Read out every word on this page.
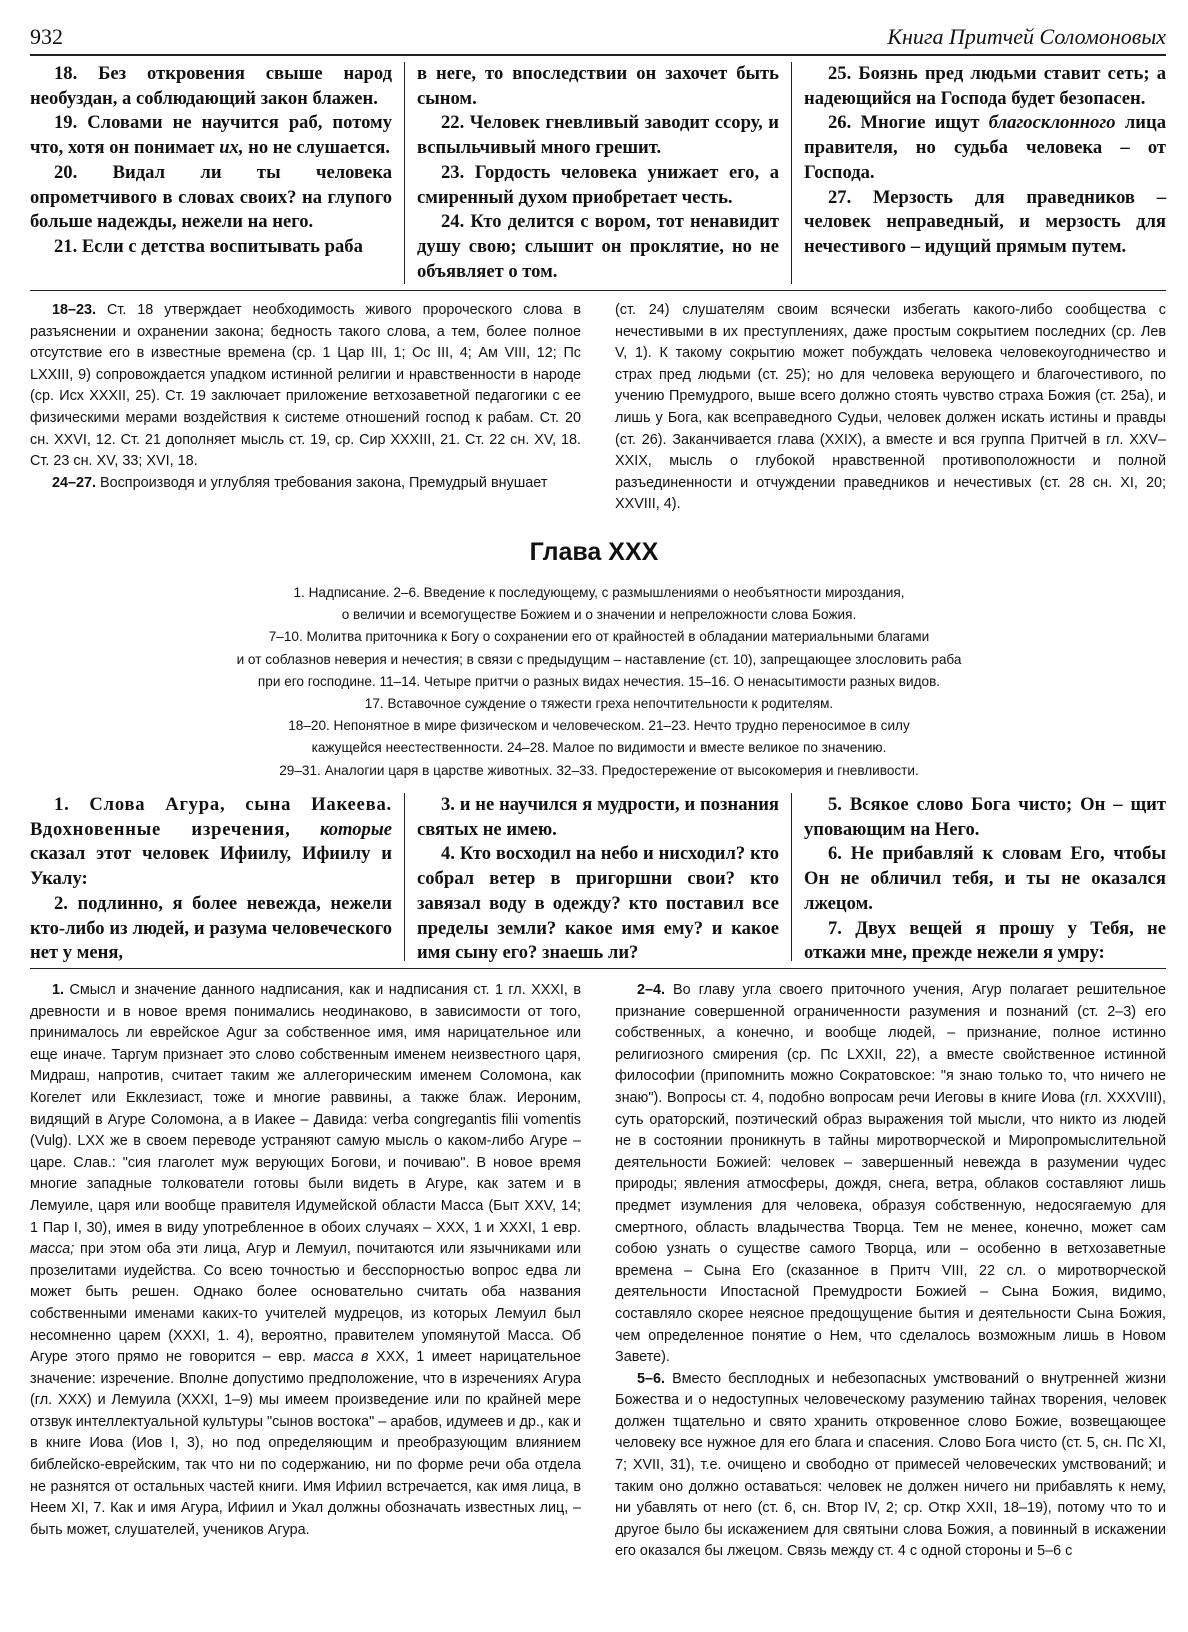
932	Книга Притчей Соломоновых

18. Без откровения свыше народ необуздан, а соблюдающий закон блажен.

19. Словами не научится раб, потому что, хотя он понимает их, но не слушается.

20. Видал ли ты человека опрометчивого в словах своих? на глупого больше надежды, нежели на него.

21. Если с детства воспитывать раба

в неге, то впоследствии он захочет быть сыном.

22. Человек гневливый заводит ссору, и вспыльчивый много грешит.

23. Гордость человека унижает его, а смиренный духом приобретает честь.

24. Кто делится с вором, тот ненавидит душу свою; слышит он проклятие, но не объявляет о том.

25. Боязнь пред людьми ставит сеть; а надеющийся на Господа будет безопасен.

26. Многие ищут благосклонного лица правителя, но судьба человека – от Господа.

27. Мерзость для праведников – человек неправедный, и мерзость для нечестивого – идущий прямым путем.

18–23. Ст. 18 утверждает необходимость живого пророческого слова в разъяснении и охранении закона; бедность такого слова, а тем, более полное отсутствие его в известные времена (ср. 1 Цар III, 1; Ос III, 4; Ам VIII, 12; Пс LXXIII, 9) сопровождается упадком истинной религии и нравственности в народе (ср. Исх XXXII, 25). Ст. 19 заключает приложение ветхозаветной педагогики с ее физическими мерами воздействия к системе отношений господ к рабам. Ст. 20 сн. XXVI, 12. Ст. 21 дополняет мысль ст. 19, ср. Сир XXXIII, 21. Ст. 22 сн. XV, 18. Ст. 23 сн. XV, 33; XVI, 18.

24–27. Воспроизводя и углубляя требования закона, Премудрый внушает

(ст. 24) слушателям своим всячески избегать какого-либо сообщества с нечестивыми в их преступлениях, даже простым сокрытием последних (ср. Лев V, 1). К такому сокрытию может побуждать человека человекоугодничество и страх пред людьми (ст. 25); но для человека верующего и благочестивого, по учению Премудрого, выше всего должно стоять чувство страха Божия (ст. 25а), и лишь у Бога, как всеправедного Судьи, человек должен искать истины и правды (ст. 26). Заканчивается глава (XXIX), а вместе и вся группа Притчей в гл. XXV–XXIX, мысль о глубокой нравственной противоположности и полной разъединенности и отчуждении праведников и нечестивых (ст. 28 сн. XI, 20; XXVIII, 4).

Глава XXX
1. Надписание. 2–6. Введение к последующему, с размышлениями о необъятности мироздания,
о величии и всемогуществе Божием и о значении и непреложности слова Божия.
7–10. Молитва приточника к Богу о сохранении его от крайностей в обладании материальными благами
и от соблазнов неверия и нечестия; в связи с предыдущим – наставление (ст. 10), запрещающее злословить раба
при его господине. 11–14. Четыре притчи о разных видах нечестия. 15–16. О ненасытимости разных видов.
17. Вставочное суждение о тяжести греха непочтительности к родителям.
18–20. Непонятное в мире физическом и человеческом. 21–23. Нечто трудно переносимое в силу
кажущейся неестественности. 24–28. Малое по видимости и вместе великое по значению.
29–31. Аналогии царя в царстве животных. 32–33. Предостережение от высокомерия и гневливости.

1. Слова Агура, сына Иакеева. Вдохновенные изречения, которые сказал этот человек Ифиилу, Ифиилу и Укалу:

2. подлинно, я более невежда, нежели кто-либо из людей, и разума человеческого нет у меня,

3. и не научился я мудрости, и познания святых не имею.

4. Кто восходил на небо и нисходил? кто собрал ветер в пригоршни свои? кто завязал воду в одежду? кто поставил все пределы земли? какое имя ему? и какое имя сыну его? знаешь ли?

5. Всякое слово Бога чисто; Он – щит уповающим на Него.

6. Не прибавляй к словам Его, чтобы Он не обличил тебя, и ты не оказался лжецом.

7. Двух вещей я прошу у Тебя, не откажи мне, прежде нежели я умру:

1. Смысл и значение данного надписания, как и надписания ст. 1 гл. XXXI, в древности и в новое время понимались неодинаково, в зависимости от того, принималось ли еврейское Agur за собственное имя, имя нарицательное или еще иначе. Таргум признает это слово собственным именем неизвестного царя, Мидраш, напротив, считает таким же аллегорическим именем Соломона, как Когелет или Екклезиаст, тоже и многие раввины, а также блаж. Иероним, видящий в Агуре Соломона, а в Иакее – Давида: verba congregantis filii vomentis (Vulg). LXX же в своем переводе устраняют самую мысль о каком-либо Агуре – царе. Слав.: "сия глаголет муж верующих Богови, и почиваю". В новое время многие западные толкователи готовы были видеть в Агуре, как затем и в Лемуиле, царя или вообще правителя Идумейской области Масса (Быт XXV, 14; 1 Пар I, 30), имея в виду употребленное в обоих случаях – XXX, 1 и XXXI, 1 евр. масса; при этом оба эти лица, Агур и Лемуил, почитаются или язычниками или прозелитами иудейства. Со всею точностью и бесспорностью вопрос едва ли может быть решен. Однако более основательно считать оба названия собственными именами каких-то учителей мудрецов, из которых Лемуил был несомненно царем (XXXI, 1. 4), вероятно, правителем упомянутой Масса. Об Агуре этого прямо не говорится – евр. масса в XXX, 1 имеет нарицательное значение: изречение. Вполне допустимо предположение, что в изречениях Агура (гл. XXX) и Лемуила (XXXI, 1–9) мы имеем произведение или по крайней мере отзвук интеллектуальной культуры "сынов востока" – арабов, идумеев и др., как и в книге Иова (Иов I, 3), но под определяющим и преобразующим влиянием библейско-еврейским, так что ни по содержанию, ни по форме речи оба отдела не разнятся от остальных частей книги. Имя Ифиил встречается, как имя лица, в Неем XI, 7. Как и имя Агура, Ифиил и Укал должны обозначать известных лиц, – быть может, слушателей, учеников Агура.

2–4. Во главу угла своего приточного учения, Агур полагает решительное признание совершенной ограниченности разумения и познаний (ст. 2–3) его собственных, а конечно, и вообще людей, – признание, полное истинно религиозного смирения (ср. Пс LXXII, 22), а вместе свойственное истинной философии (припомнить можно Сократовское: "я знаю только то, что ничего не знаю"). Вопросы ст. 4, подобно вопросам речи Иеговы в книге Иова (гл. XXXVIII), суть ораторский, поэтический образ выражения той мысли, что никто из людей не в состоянии проникнуть в тайны миротворческой и Миропромыслительной деятельности Божией: человек – завершенный невежда в разумении чудес природы; явления атмосферы, дождя, снега, ветра, облаков составляют лишь предмет изумления для человека, образуя собственную, недосягаемую для смертного, область владычества Творца. Тем не менее, конечно, может сам собою узнать о существе самого Творца, или – особенно в ветхозаветные времена – Сына Его (сказанное в Притч VIII, 22 сл. о миротворческой деятельности Ипостасной Премудрости Божией – Сына Божия, видимо, составляло скорее неясное предощущение бытия и деятельности Сына Божия, чем определенное понятие о Нем, что сделалось возможным лишь в Новом Завете).

5–6. Вместо бесплодных и небезопасных умствований о внутренней жизни Божества и о недоступных человеческому разумению тайнах творения, человек должен тщательно и свято хранить откровенное слово Божие, возвещающее человеку все нужное для его блага и спасения. Слово Бога чисто (ст. 5, сн. Пс XI, 7; XVII, 31), т.е. очищено и свободно от примесей человеческих умствований; и таким оно должно оставаться: человек не должен ничего ни прибавлять к нему, ни убавлять от него (ст. 6, сн. Втор IV, 2; ср. Откр XXII, 18–19), потому что то и другое было бы искажением для святыни слова Божия, а повинный в искажении его оказался бы лжецом. Связь между ст. 4 с одной стороны и 5–6 с
